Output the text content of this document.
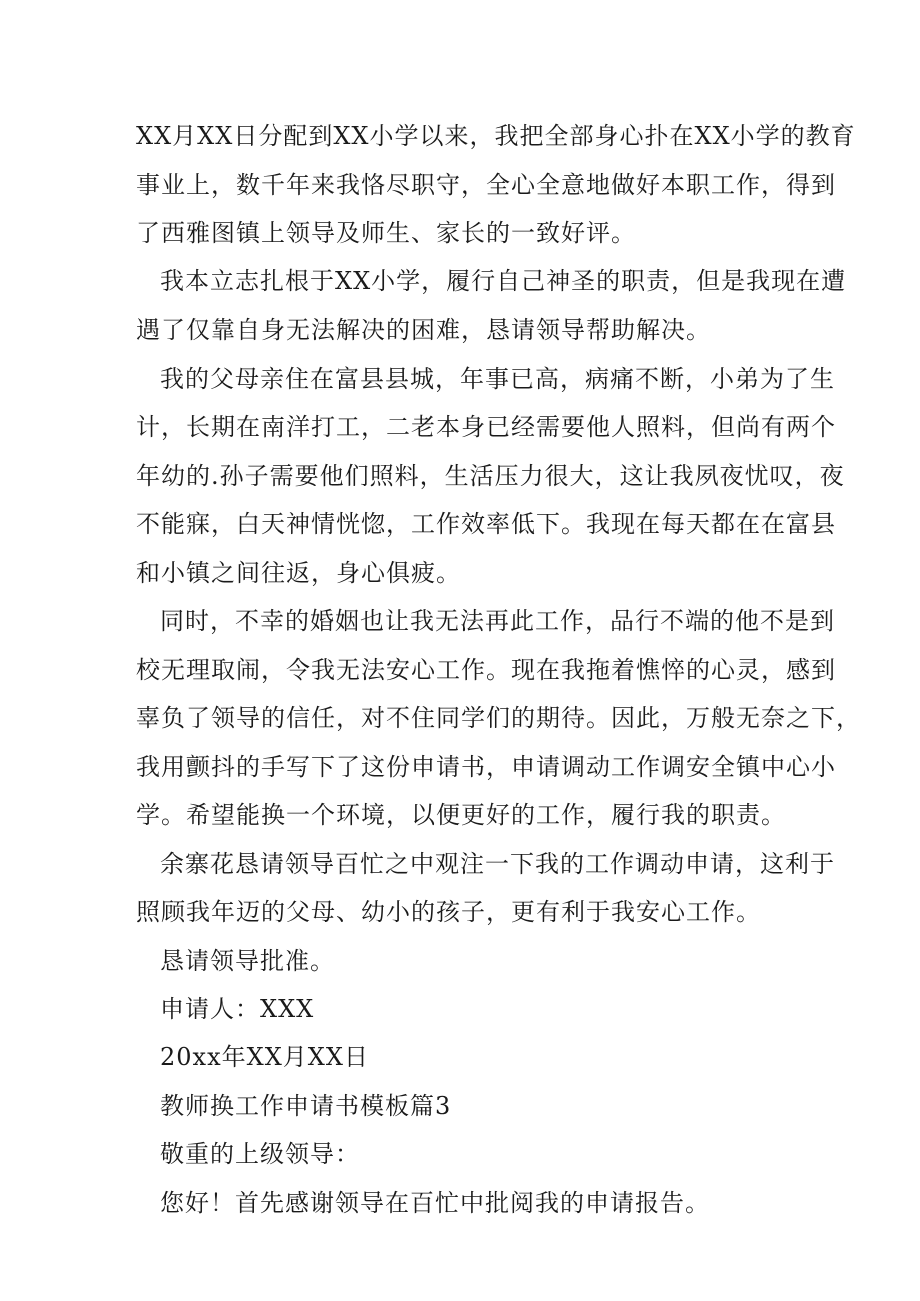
XX月XX日分配到XX小学以来，我把全部身心扑在XX小学的教育
事业上，数千年来我恪尽职守，全心全意地做好本职工作，得到
了西雅图镇上领导及师生、家长的一致好评。
我本立志扎根于XX小学，履行自己神圣的职责，但是我现在遭
遇了仅靠自身无法解决的困难，恳请领导帮助解决。
我的父母亲住在富县县城，年事已高，病痛不断，小弟为了生
计，长期在南洋打工，二老本身已经需要他人照料，但尚有两个
年幼的.孙子需要他们照料，生活压力很大，这让我夙夜忧叹，夜
不能寐，白天神情恍惚，工作效率低下。我现在每天都在在富县
和小镇之间往返，身心俱疲。
同时，不幸的婚姻也让我无法再此工作，品行不端的他不是到
校无理取闹，令我无法安心工作。现在我拖着憔悴的心灵，感到
辜负了领导的信任，对不住同学们的期待。因此，万般无奈之下，
我用颤抖的手写下了这份申请书，申请调动工作调安全镇中心小
学。希望能换一个环境，以便更好的工作，履行我的职责。
余寨花恳请领导百忙之中观注一下我的工作调动申请，这利于
照顾我年迈的父母、幼小的孩子，更有利于我安心工作。
恳请领导批准。
申请人：XXX
20xx年XX月XX日
教师换工作申请书模板篇3
敬重的上级领导：
您好！首先感谢领导在百忙中批阅我的申请报告。
